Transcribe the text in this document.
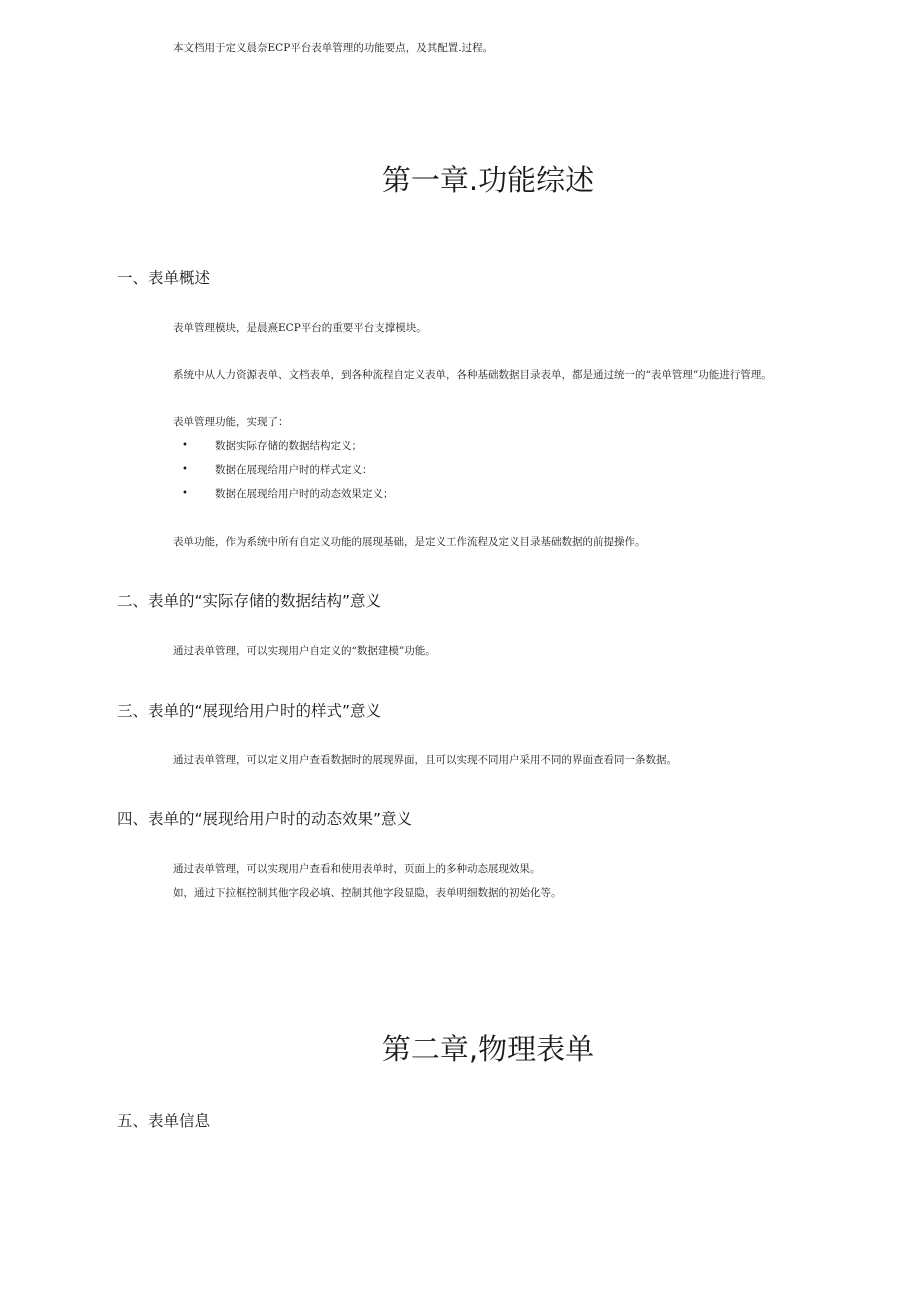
本文档用于定义晨奈ECP平台表单管理的功能要点，及其配置.过程。

第一章.功能综述
一、表单概述

表单管理模块，是晨熹ECP平台的重要平台支撑模块。

系统中从人力资源表单、文档表单，到各种流程自定义表单，各种基础数据目录表单，都是通过统一的“表单管理”功能进行管理。

表单管理功能，实现了：

•	数据实际存储的数据结构定义；
•	数据在展现给用户时的样式定义：
•	数据在展现给用户时的动态效果定义；

表单功能，作为系统中所有自定义功能的展现基础，是定义工作流程及定义目录基础数据的前提操作。

二、表单的“实际存储的数据结构”意义

通过表单管理，可以实现用户自定义的“数据建模”功能。

三、表单的“展现给用户时的样式”意义

通过表单管理，可以定义用户查看数据时的展现界面，且可以实现不同用户采用不同的界面查看同一条数据。

四、表单的“展现给用户时的动态效果”意义

通过表单管理，可以实现用户查看和使用表单时，页面上的多种动态展现效果。

如，通过下拉框控制其他字段必填、控制其他字段显隐，表单明细数据的初始化等。

第二章,物理表单
五、表单信息
